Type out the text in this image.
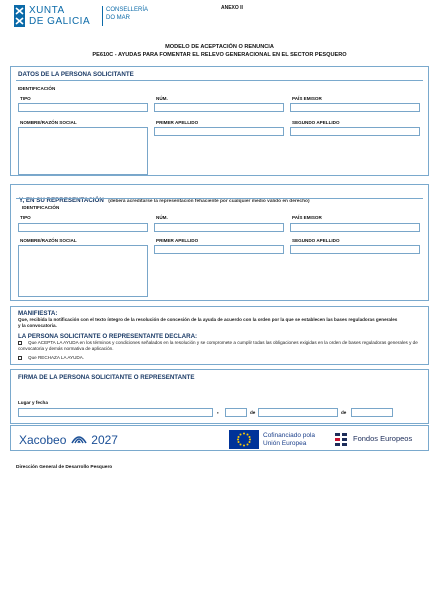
XUNTA
DE GALICIA
CONSELLERÍA
DO MAR
ANEXO II
MODELO DE ACEPTACIÓN O RENUNCIA
PE610C - AYUDAS PARA FOMENTAR EL RELEVO GENERACIONAL EN EL SECTOR PESQUERO
DATOS DE LA PERSONA SOLICITANTE
IDENTIFICACIÓN
TIPO	NÚM.	PAÍS EMISOR
NOMBRE/RAZÓN SOCIAL	PRIMER APELLIDO	SEGUNDO APELLIDO
Y, EN SU REPRESENTACIÓN (deberá acreditarse la representación fehaciente por cualquier medio válido en derecho)
IDENTIFICACIÓN
TIPO	NÚM.	PAÍS EMISOR
NOMBRE/RAZÓN SOCIAL	PRIMER APELLIDO	SEGUNDO APELLIDO
MANIFIESTA:
Que, recibida la notificación con el texto íntegro de la resolución de concesión de la ayuda de acuerdo con la orden por la que se establecen las bases reguladoras generales y la convocatoria.
LA PERSONA SOLICITANTE O REPRESENTANTE DECLARA:
Que ACEPTA LA AYUDA en los términos y condiciones señalados en la resolución y se compromete a cumplir todas las obligaciones exigidas en la orden de bases reguladoras generales y de convocatoria y demás normativa de aplicación.
Que RECHAZA LA AYUDA.
FIRMA DE LA PERSONA SOLICITANTE O REPRESENTANTE
Lugar y fecha
,	de	de
Xacobeo 2027	Cofinanciado pola
Unión Europea
Fondos Europeos
Dirección General de Desarrollo Pesquero
